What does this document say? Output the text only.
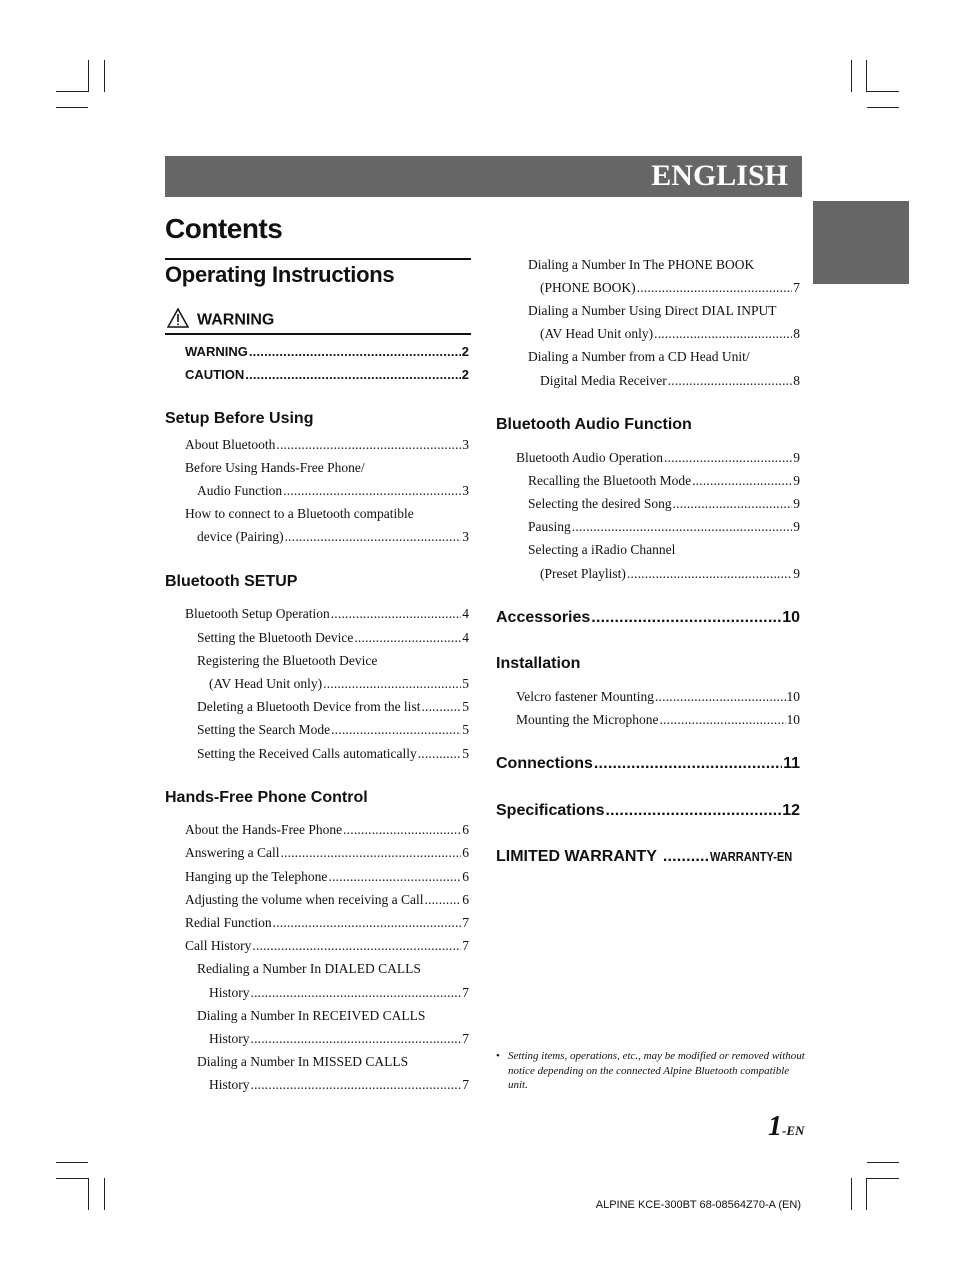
ENGLISH
Contents
Operating Instructions
WARNING
WARNING .....	2
CAUTION .....	2
Setup Before Using
About Bluetooth .....	3
Before Using Hands-Free Phone/
Audio Function .....	3
How to connect to a Bluetooth compatible
device (Pairing) .....	3
Bluetooth SETUP
Bluetooth Setup Operation .....	4
Setting the Bluetooth Device .....	4
Registering the Bluetooth Device
(AV Head Unit only) .....	5
Deleting a Bluetooth Device from the list .....	5
Setting the Search Mode .....	5
Setting the Received Calls automatically .....	5
Hands-Free Phone Control
About the Hands-Free Phone .....	6
Answering a Call .....	6
Hanging up the Telephone .....	6
Adjusting the volume when receiving a Call .....	6
Redial Function .....	7
Call History .....	7
Redialing a Number In DIALED CALLS
History .....	7
Dialing a Number In RECEIVED CALLS
History .....	7
Dialing a Number In MISSED CALLS
History .....	7
Dialing a Number In The PHONE BOOK
(PHONE BOOK) .....	7
Dialing a Number Using Direct DIAL INPUT
(AV Head Unit only) .....	8
Dialing a Number from a CD Head Unit/
Digital Media Receiver .....	8
Bluetooth Audio Function
Bluetooth Audio Operation .....	9
Recalling the Bluetooth Mode .....	9
Selecting the desired Song .....	9
Pausing .....	9
Selecting a iRadio Channel
(Preset Playlist) .....	9
Accessories .....	10
Installation
Velcro fastener Mounting .....	10
Mounting the Microphone .....	10
Connections .....	11
Specifications .....	12
LIMITED WARRANTY .....	WARRANTY-EN
• Setting items, operations, etc., may be modified or removed without notice depending on the connected Alpine Bluetooth compatible unit.
1-EN
ALPINE KCE-300BT 68-08564Z70-A (EN)
